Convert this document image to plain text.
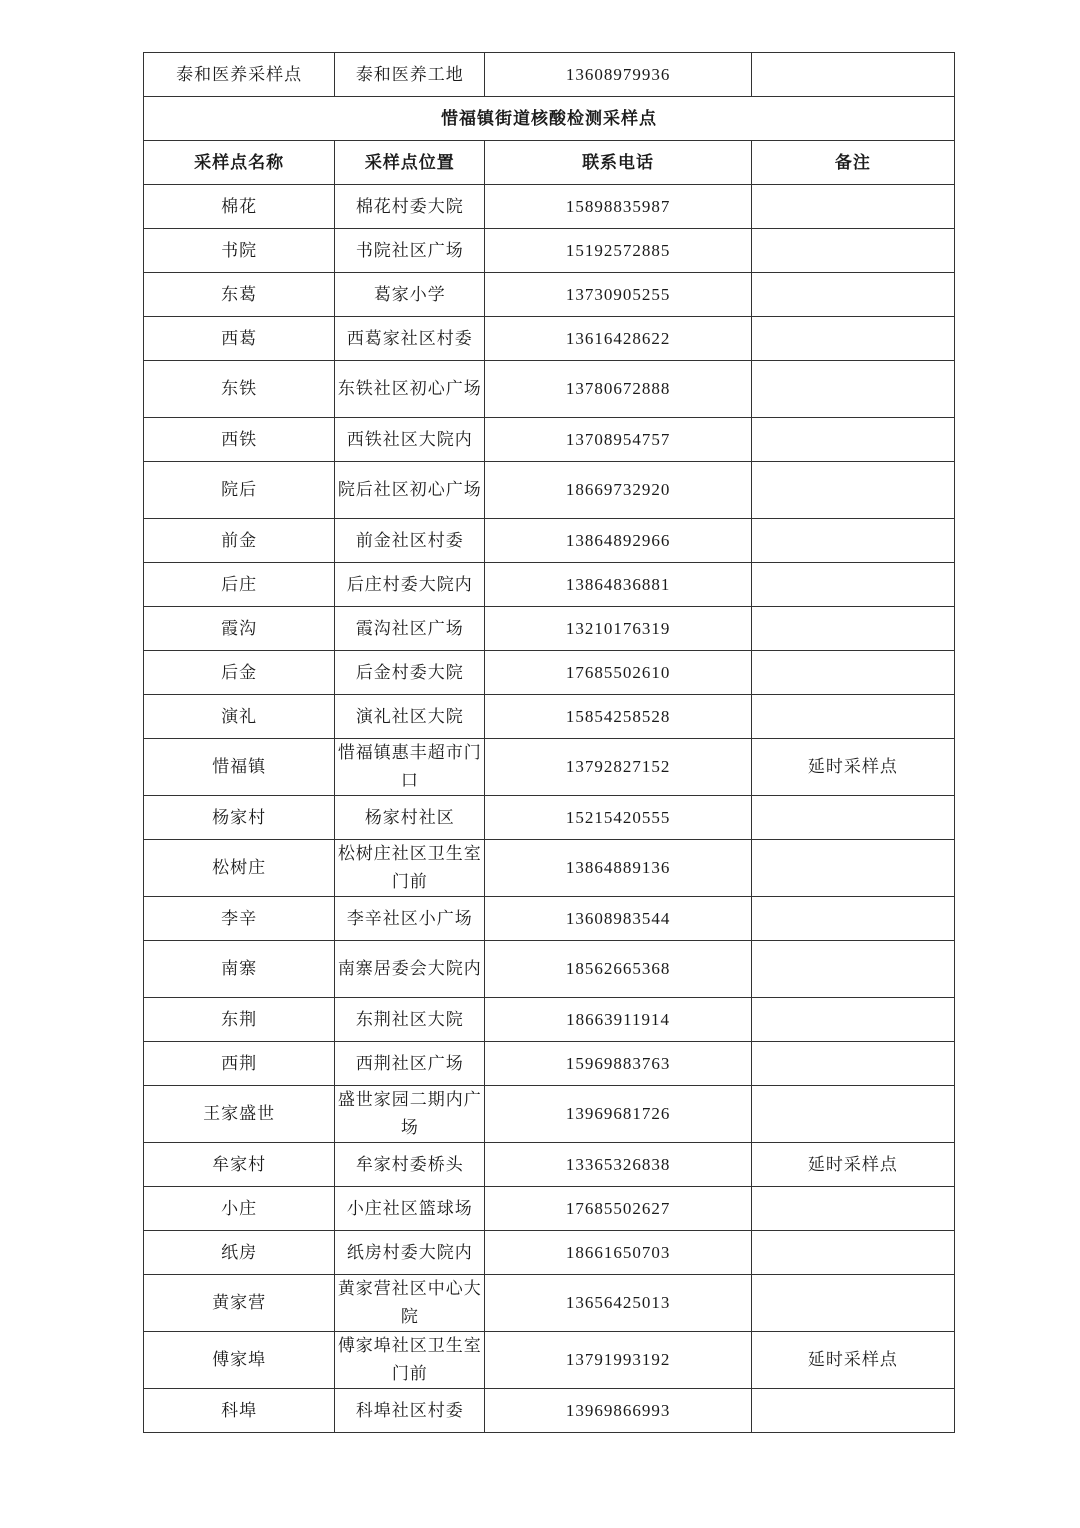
泰和医养采样点	泰和医养工地	13608979936	
惜福镇街道核酸检测采样点			
采样点名称	采样点位置	联系电话	备注
棉花	棉花村委大院	15898835987	
书院	书院社区广场	15192572885	
东葛	葛家小学	13730905255	
西葛	西葛家社区村委	13616428622	
东铁	东铁社区初心广场	13780672888	
西铁	西铁社区大院内	13708954757	
院后	院后社区初心广场	18669732920	
前金	前金社区村委	13864892966	
后庄	后庄村委大院内	13864836881	
霞沟	霞沟社区广场	13210176319	
后金	后金村委大院	17685502610	
演礼	演礼社区大院	15854258528	
惜福镇	惜福镇惠丰超市门口	13792827152	延时采样点
杨家村	杨家村社区	15215420555	
松树庄	松树庄社区卫生室门前	13864889136	
李辛	李辛社区小广场	13608983544	
南寨	南寨居委会大院内	18562665368	
东荆	东荆社区大院	18663911914	
西荆	西荆社区广场	15969883763	
王家盛世	盛世家园二期内广场	13969681726	
牟家村	牟家村委桥头	13365326838	延时采样点
小庄	小庄社区篮球场	17685502627	
纸房	纸房村委大院内	18661650703	
黄家营	黄家营社区中心大院	13656425013	
傅家埠	傅家埠社区卫生室门前	13791993192	延时采样点
科埠	科埠社区村委	13969866993	
